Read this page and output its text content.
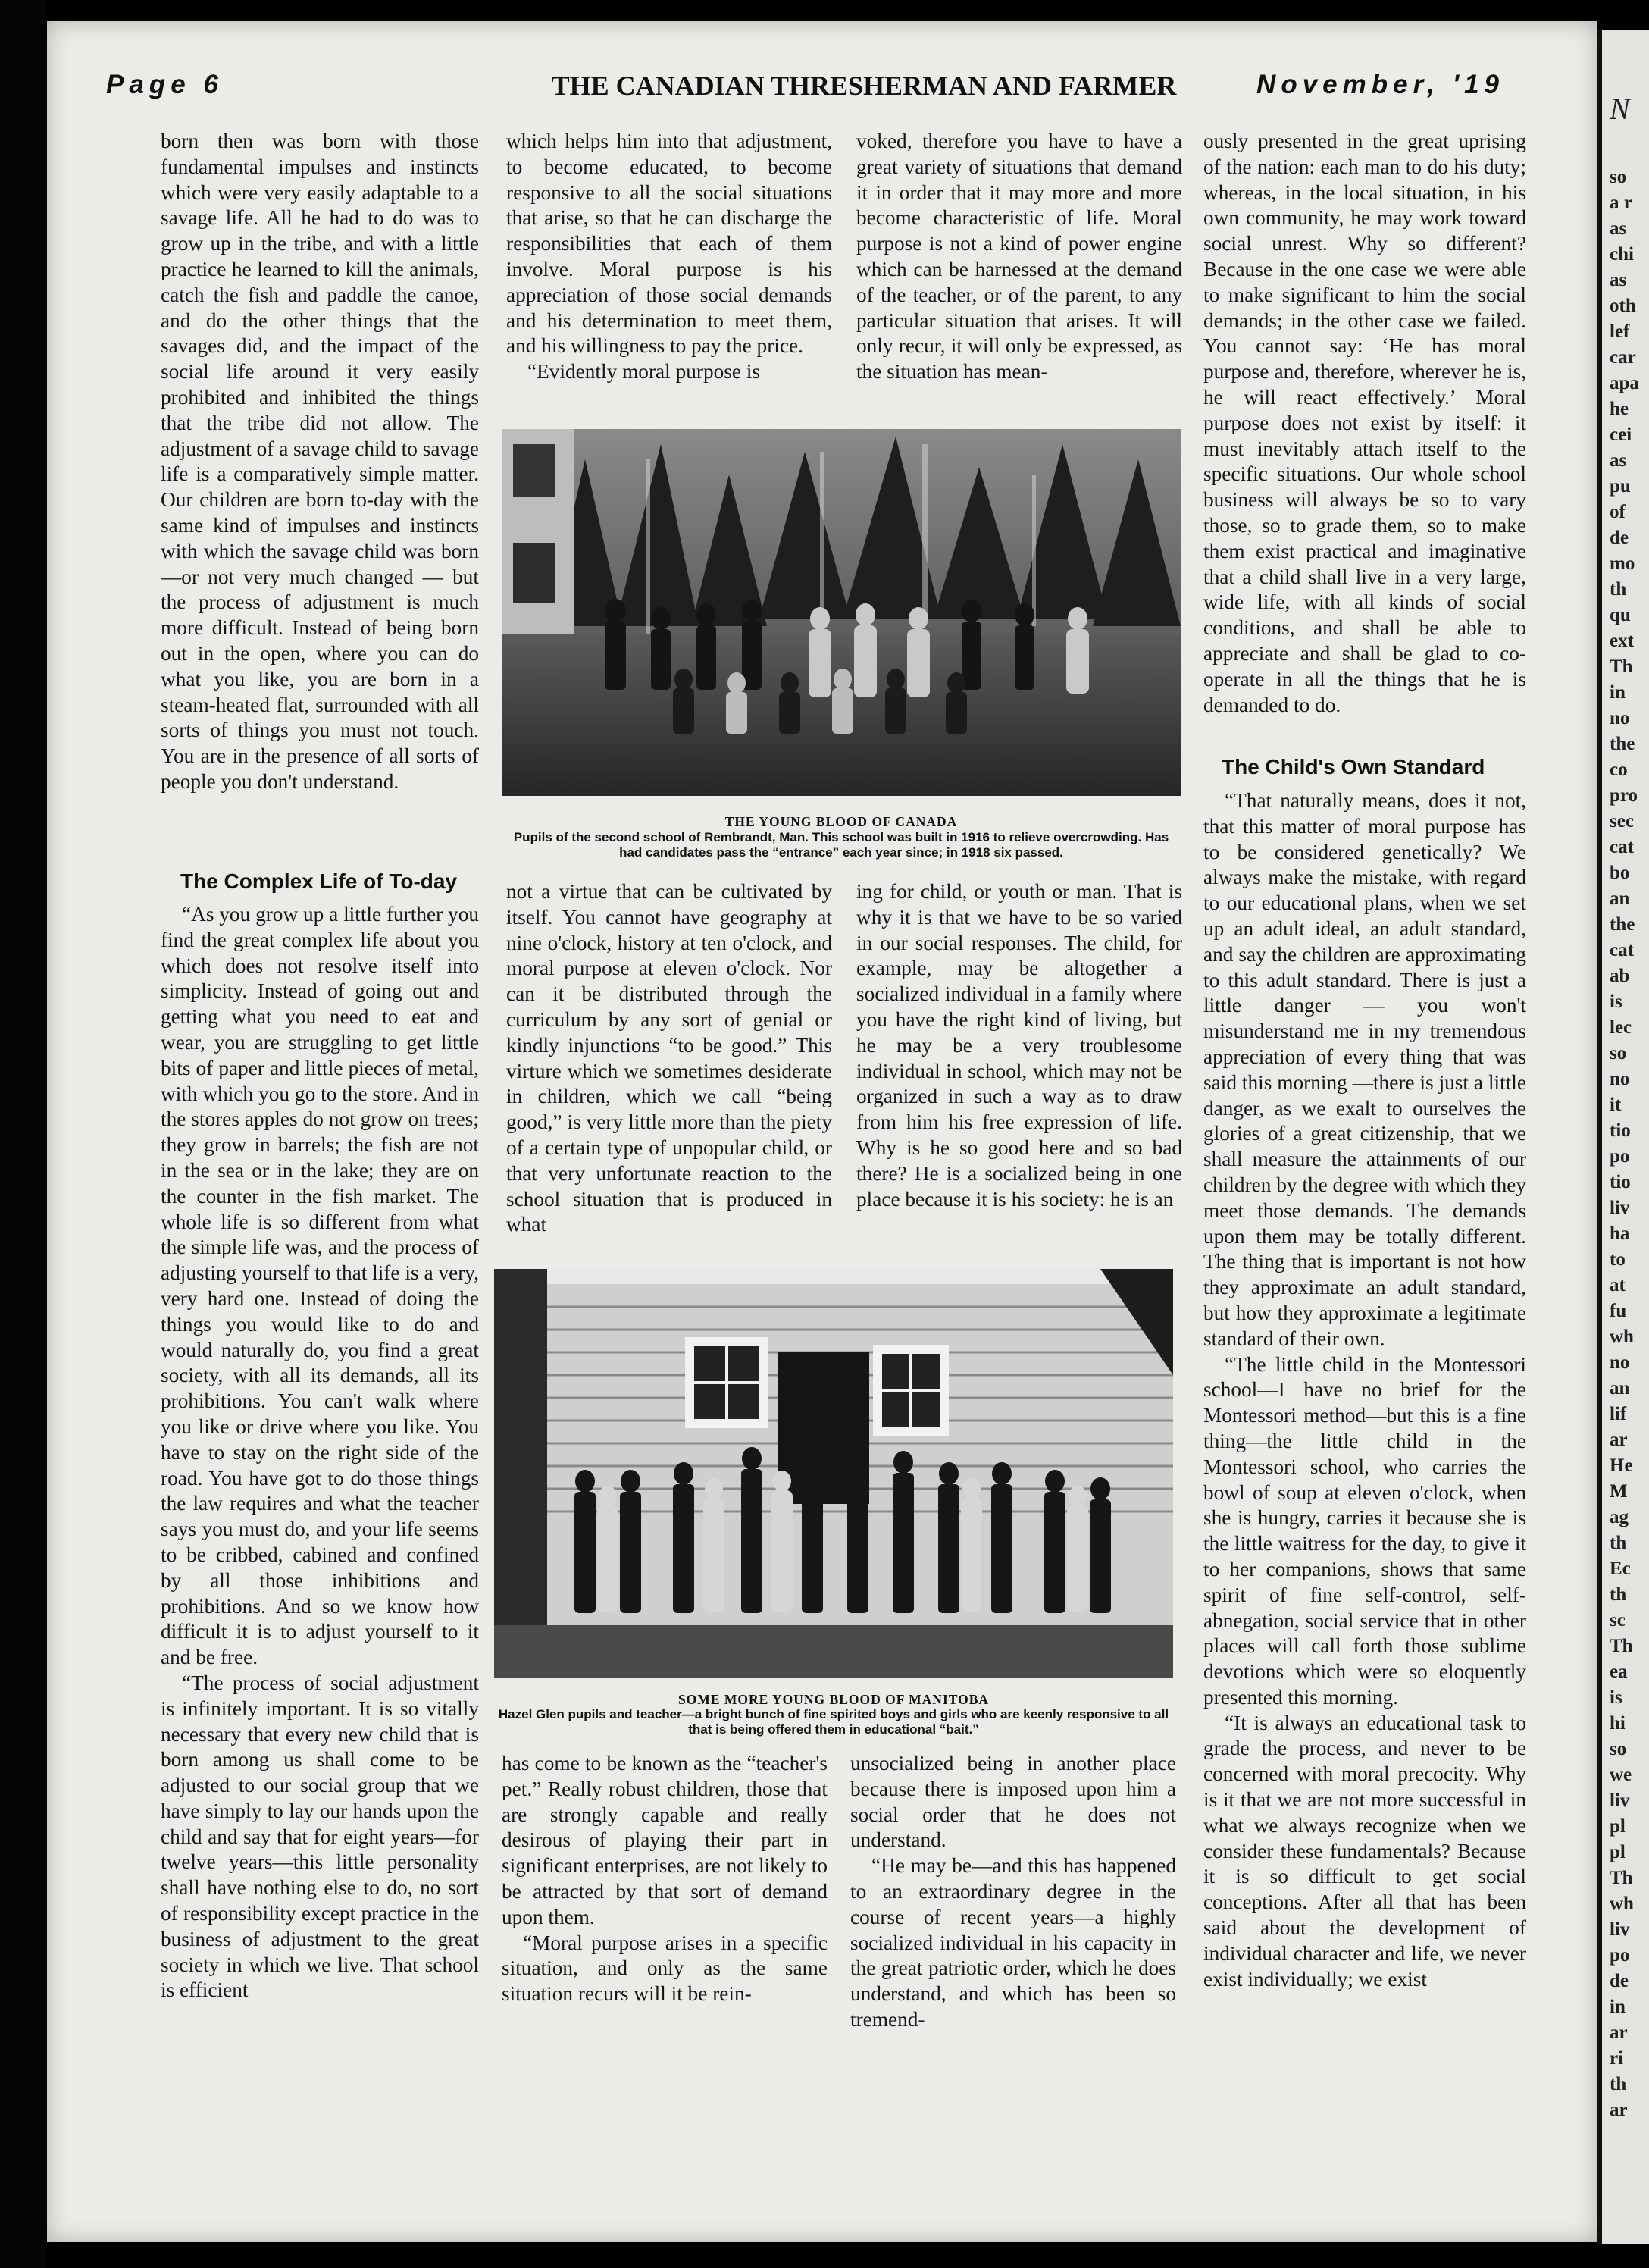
N
so
a r
as
chi
as
oth
lef
car
apa
he
cei
as
pu
of
de
mo
th
qu
ext
Th
in
no
the
co
pro
sec
cat
bo
an
the
cat
ab
is
lec
so
no
it
tio
po
tio
liv
ha
to
at
fu
wh
no
an
lif
ar
He
M
ag
th
Ec
th
sc
Th
ea
is
hi
so
we
liv
pl
pl
Th
wh
liv
po
de
in
ar
ri
th
ar
Page 6	THE CANADIAN THRESHERMAN AND FARMER	November, '19

born then was born with those fundamental impulses and instincts which were very easily adaptable to a savage life. All he had to do was to grow up in the tribe, and with a little practice he learned to kill the animals, catch the fish and paddle the canoe, and do the other things that the savages did, and the impact of the social life around it very easily prohibited and inhibited the things that the tribe did not allow. The adjustment of a savage child to savage life is a comparatively simple matter. Our children are born to-day with the same kind of impulses and instincts with which the savage child was born—or not very much changed — but the process of adjustment is much more difficult. Instead of being born out in the open, where you can do what you like, you are born in a steam-heated flat, surrounded with all sorts of things you must not touch. You are in the presence of all sorts of people you don't understand.

The Complex Life of To-day

“As you grow up a little further you find the great complex life about you which does not resolve itself into simplicity. Instead of going out and getting what you need to eat and wear, you are struggling to get little bits of paper and little pieces of metal, with which you go to the store. And in the stores apples do not grow on trees; they grow in barrels; the fish are not in the sea or in the lake; they are on the counter in the fish market. The whole life is so different from what the simple life was, and the process of adjusting yourself to that life is a very, very hard one. Instead of doing the things you would like to do and would naturally do, you find a great society, with all its demands, all its prohibitions. You can't walk where you like or drive where you like. You have to stay on the right side of the road. You have got to do those things the law requires and what the teacher says you must do, and your life seems to be cribbed, cabined and confined by all those inhibitions and prohibitions. And so we know how difficult it is to adjust yourself to it and be free.

“The process of social adjustment is infinitely important. It is so vitally necessary that every new child that is born among us shall come to be adjusted to our social group that we have simply to lay our hands upon the child and say that for eight years—for twelve years—this little personality shall have nothing else to do, no sort of responsibility except practice in the business of adjustment to the great society in which we live. That school is efficient

which helps him into that adjustment, to become educated, to become responsive to all the social situations that arise, so that he can discharge the responsibilities that each of them involve. Moral purpose is his appreciation of those social demands and his determination to meet them, and his willingness to pay the price.

“Evidently moral purpose is

voked, therefore you have to have a great variety of situations that demand it in order that it may more and more become characteristic of life. Moral purpose is not a kind of power engine which can be harnessed at the demand of the teacher, or of the parent, to any particular situation that arises. It will only recur, it will only be expressed, as the situation has mean-

THE YOUNG BLOOD OF CANADA
Pupils of the second school of Rembrandt, Man. This school was built in 1916 to relieve overcrowding. Has had candidates pass the “entrance” each year since; in 1918 six passed.

not a virtue that can be cultivated by itself. You cannot have geography at nine o'clock, history at ten o'clock, and moral purpose at eleven o'clock. Nor can it be distributed through the curriculum by any sort of genial or kindly injunctions “to be good.” This virture which we sometimes desiderate in children, which we call “being good,” is very little more than the piety of a certain type of unpopular child, or that very unfortunate reaction to the school situation that is produced in what

ing for child, or youth or man. That is why it is that we have to be so varied in our social responses. The child, for example, may be altogether a socialized individual in a family where you have the right kind of living, but he may be a very troublesome individual in school, which may not be organized in such a way as to draw from him his free expression of life. Why is he so good here and so bad there? He is a socialized being in one place because it is his society: he is an

SOME MORE YOUNG BLOOD OF MANITOBA
Hazel Glen pupils and teacher—a bright bunch of fine spirited boys and girls who are keenly responsive to all that is being offered them in educational “bait.”

has come to be known as the “teacher's pet.” Really robust children, those that are strongly capable and really desirous of playing their part in significant enterprises, are not likely to be attracted by that sort of demand upon them.

“Moral purpose arises in a specific situation, and only as the same situation recurs will it be rein-

unsocialized being in another place because there is imposed upon him a social order that he does not understand.

“He may be—and this has happened to an extraordinary degree in the course of recent years—a highly socialized individual in his capacity in the great patriotic order, which he does understand, and which has been so tremend-

ously presented in the great uprising of the nation: each man to do his duty; whereas, in the local situation, in his own community, he may work toward social unrest. Why so different? Because in the one case we were able to make significant to him the social demands; in the other case we failed. You cannot say: ‘He has moral purpose and, therefore, wherever he is, he will react effectively.’ Moral purpose does not exist by itself: it must inevitably attach itself to the specific situations. Our whole school business will always be so to vary those, so to grade them, so to make them exist practical and imaginative that a child shall live in a very large, wide life, with all kinds of social conditions, and shall be able to appreciate and shall be glad to co-operate in all the things that he is demanded to do.

The Child's Own Standard

“That naturally means, does it not, that this matter of moral purpose has to be considered genetically? We always make the mistake, with regard to our educational plans, when we set up an adult ideal, an adult standard, and say the children are approximating to this adult standard. There is just a little danger — you won't misunderstand me in my tremendous appreciation of every thing that was said this morning —there is just a little danger, as we exalt to ourselves the glories of a great citizenship, that we shall measure the attainments of our children by the degree with which they meet those demands. The demands upon them may be totally different. The thing that is important is not how they approximate an adult standard, but how they approximate a legitimate standard of their own.

“The little child in the Montessori school—I have no brief for the Montessori method—but this is a fine thing—the little child in the Montessori school, who carries the bowl of soup at eleven o'clock, when she is hungry, carries it because she is the little waitress for the day, to give it to her companions, shows that same spirit of fine self-control, self-abnegation, social service that in other places will call forth those sublime devotions which were so eloquently presented this morning.

“It is always an educational task to grade the process, and never to be concerned with moral precocity. Why is it that we are not more successful in what we always recognize when we consider these fundamentals? Because it is so difficult to get social conceptions. After all that has been said about the development of individual character and life, we never exist individually; we exist
